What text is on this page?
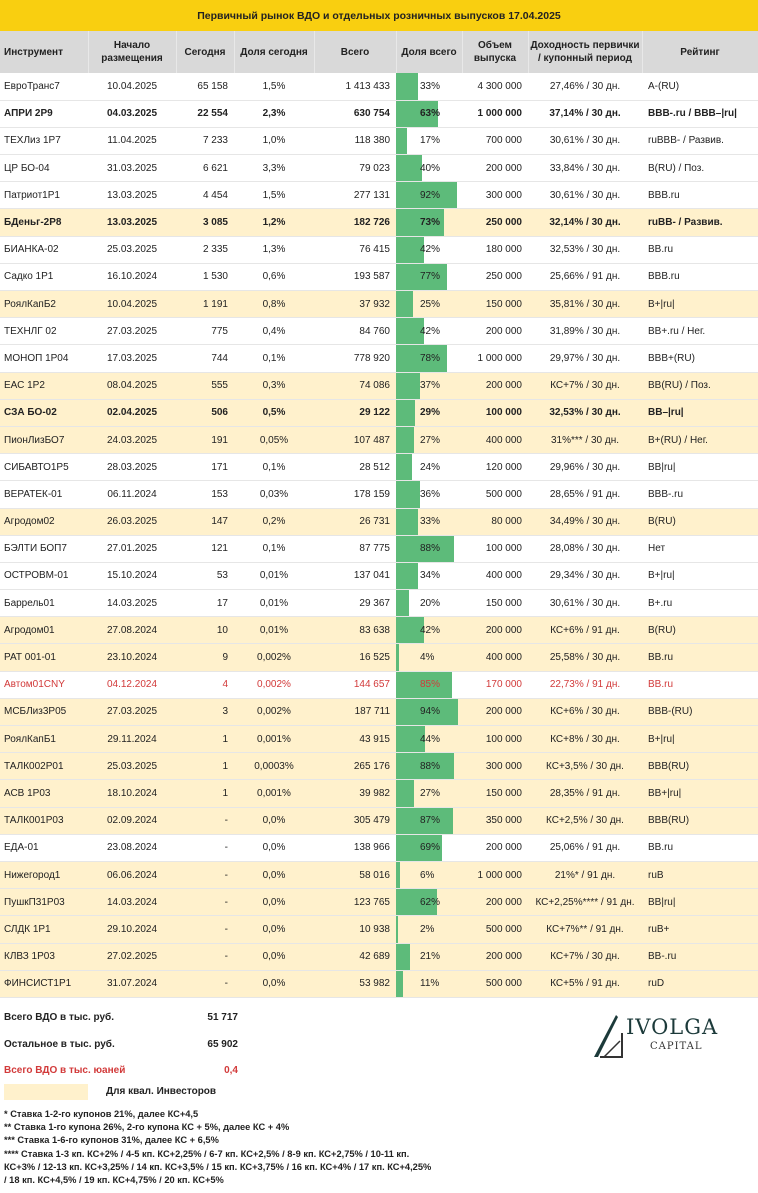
Первичный рынок ВДО и отдельных розничных выпусков 17.04.2025
Инструмент	Начало размещения	Сегодня	Доля сегодня	Всего	Доля всего	Объем выпуска	Доходность первички / купонный период	Рейтинг
ЕвроТранс7	10.04.2025	65 158	1,5%	1 413 433	33%	4 300 000	27,46% / 30 дн.	A-(RU)
АПРИ 2Р9	04.03.2025	22 554	2,3%	630 754	63%	1 000 000	37,14% / 30 дн.	BBB-.ru / BBB–|ru|
ТЕХЛиз 1Р7	11.04.2025	7 233	1,0%	118 380	17%	700 000	30,61% / 30 дн.	ruBBB- / Развив.
ЦР БО-04	31.03.2025	6 621	3,3%	79 023	40%	200 000	33,84% / 30 дн.	B(RU) / Поз.
Патриот1Р1	13.03.2025	4 454	1,5%	277 131	92%	300 000	30,61% / 30 дн.	BBB.ru
БДеньг-2Р8	13.03.2025	3 085	1,2%	182 726	73%	250 000	32,14% / 30 дн.	ruBB- / Развив.
БИАНКА-02	25.03.2025	2 335	1,3%	76 415	42%	180 000	32,53% / 30 дн.	BB.ru
Садко 1Р1	16.10.2024	1 530	0,6%	193 587	77%	250 000	25,66% / 91 дн.	BBB.ru
РоялКапБ2	10.04.2025	1 191	0,8%	37 932	25%	150 000	35,81% / 30 дн.	B+|ru|
ТЕХНЛГ 02	27.03.2025	775	0,4%	84 760	42%	200 000	31,89% / 30 дн.	BB+.ru / Нег.
МОНОП 1Р04	17.03.2025	744	0,1%	778 920	78%	1 000 000	29,97% / 30 дн.	BBB+(RU)
ЕАС 1Р2	08.04.2025	555	0,3%	74 086	37%	200 000	КС+7% / 30 дн.	BB(RU) / Поз.
СЗА БО-02	02.04.2025	506	0,5%	29 122	29%	100 000	32,53% / 30 дн.	BB–|ru|
ПионЛизБО7	24.03.2025	191	0,05%	107 487	27%	400 000	31%*** / 30 дн.	B+(RU) / Нег.
СИБАВТО1Р5	28.03.2025	171	0,1%	28 512	24%	120 000	29,96% / 30 дн.	BB|ru|
ВЕРАТЕК-01	06.11.2024	153	0,03%	178 159	36%	500 000	28,65% / 91 дн.	BBB-.ru
Агродом02	26.03.2025	147	0,2%	26 731	33%	80 000	34,49% / 30 дн.	B(RU)
БЭЛТИ БОП7	27.01.2025	121	0,1%	87 775	88%	100 000	28,08% / 30 дн.	Нет
ОСТРОВМ-01	15.10.2024	53	0,01%	137 041	34%	400 000	29,34% / 30 дн.	B+|ru|
Баррель01	14.03.2025	17	0,01%	29 367	20%	150 000	30,61% / 30 дн.	B+.ru
Агродом01	27.08.2024	10	0,01%	83 638	42%	200 000	КС+6% / 91 дн.	B(RU)
РАТ 001-01	23.10.2024	9	0,002%	16 525	4%	400 000	25,58% / 30 дн.	BB.ru
Автом01CNY	04.12.2024	4	0,002%	144 657	85%	170 000	22,73% / 91 дн.	BB.ru
МСБЛиз3Р05	27.03.2025	3	0,002%	187 711	94%	200 000	КС+6% / 30 дн.	BBB-(RU)
РоялКапБ1	29.11.2024	1	0,001%	43 915	44%	100 000	КС+8% / 30 дн.	B+|ru|
ТАЛК002Р01	25.03.2025	1	0,0003%	265 176	88%	300 000	КС+3,5% / 30 дн.	BBB(RU)
АСВ 1Р03	18.10.2024	1	0,001%	39 982	27%	150 000	28,35% / 91 дн.	BB+|ru|
ТАЛК001Р03	02.09.2024	-	0,0%	305 479	87%	350 000	КС+2,5% / 30 дн.	BBB(RU)
ЕДА-01	23.08.2024	-	0,0%	138 966	69%	200 000	25,06% / 91 дн.	BB.ru
Нижегород1	06.06.2024	-	0,0%	58 016	6%	1 000 000	21%* / 91 дн.	ruB
ПушкП31Р03	14.03.2024	-	0,0%	123 765	62%	200 000	КС+2,25%**** / 91 дн.	BB|ru|
СЛДК 1Р1	29.10.2024	-	0,0%	10 938	2%	500 000	КС+7%** / 91 дн.	ruB+
КЛВЗ 1Р03	27.02.2025	-	0,0%	42 689	21%	200 000	КС+7% / 30 дн.	BB-.ru
ФИНСИСТ1Р1	31.07.2024	-	0,0%	53 982	11%	500 000	КС+5% / 91 дн.	ruD
Всего ВДО в тыс. руб.	51 717
Остальное в тыс. руб.	65 902
Всего ВДО в тыс. юаней	0,4
Для квал. Инвесторов
* Ставка 1-2-го купонов 21%, далее КС+4,5
** Ставка 1-го купона 26%, 2-го купона КС + 5%, далее КС + 4%
*** Ставка 1-6-го купонов 31%, далее КС + 6,5%
**** Ставка 1-3 кп. КС+2% / 4-5 кп. КС+2,25% / 6-7 кп. КС+2,5% / 8-9 кп. КС+2,75% / 10-11 кп.
КС+3% / 12-13 кп. КС+3,25% / 14 кп. КС+3,5% / 15 кп. КС+3,75% / 16 кп. КС+4% / 17 кп. КС+4,25%
/ 18 кп. КС+4,5% / 19 кп. КС+4,75% / 20 кп. КС+5%
IVOLGA
CAPITAL
